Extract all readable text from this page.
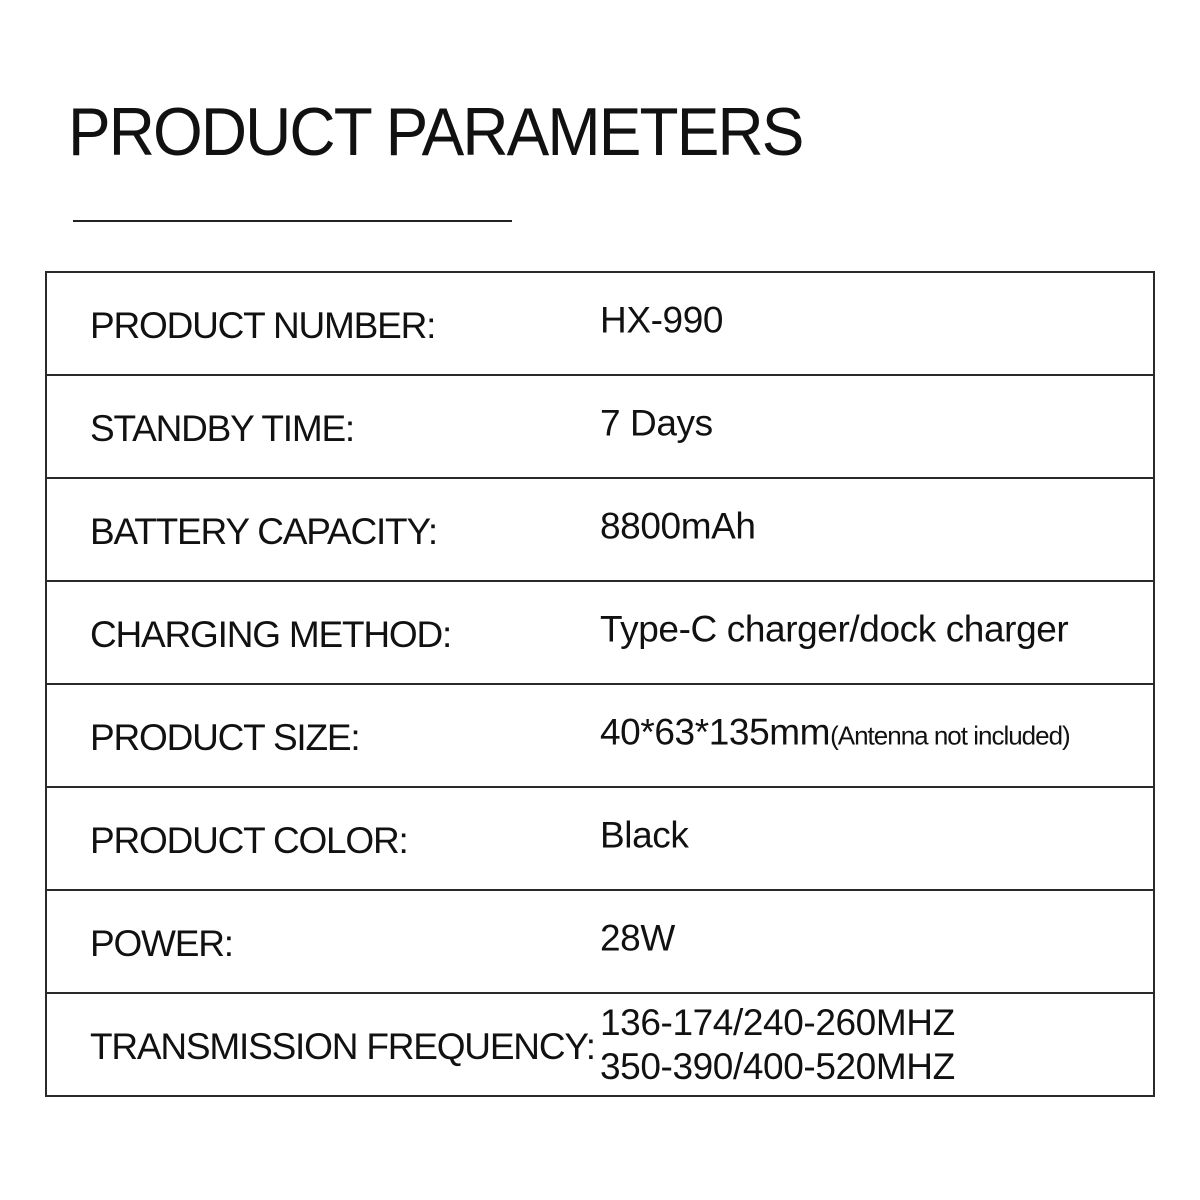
PRODUCT PARAMETERS
PRODUCT NUMBER:	HX-990
STANDBY TIME:	7 Days
BATTERY CAPACITY:	8800mAh
CHARGING METHOD:	Type-C charger/dock charger
PRODUCT SIZE:	40*63*135mm(Antenna not included)
PRODUCT COLOR:	Black
POWER:	28W
TRANSMISSION FREQUENCY:
136-174/240-260MHZ
350-390/400-520MHZ
